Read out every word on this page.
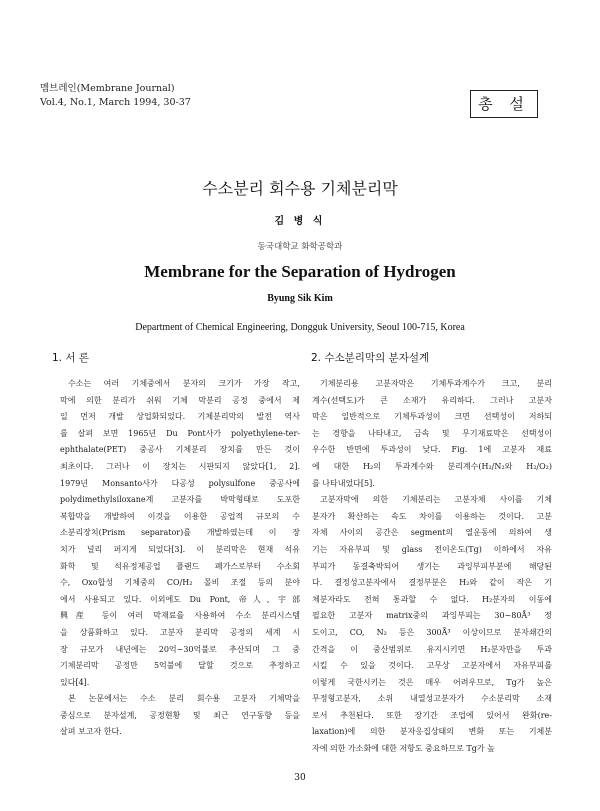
멤브레인(Membrane Journal)
Vol.4, No.1, March 1994, 30-37	총 설
수소분리 회수용 기체분리막
김 병 식
동국대학교 화학공학과
Membrane for the Separation of Hydrogen
Byung Sik Kim
Department of Chemical Engineering, Dongguk University, Seoul 100-715, Korea
1. 서 론
수소는 여러 기체중에서 분자의 크기가 가장 작고,
막에 의한 분리가 쉬워 기체 막분리 공정 중에서 제
일 먼저 개발 상업화되었다. 기체분리막의 발전 역사
를 살펴 보면 1965년 Du Pont사가 polyethylene-ter-
ephthalate(PET) 중공사 기체분리 장치를 만든 것이
최초이다. 그러나 이 장치는 시판되지 않았다[1, 2].
1979년 Monsanto사가 다공성 polysulfone 중공사에
polydimethylsiloxane계 고분자를 박막형태로 도포한
복합막을 개발하여 이것을 이용한 공업적 규모의 수
소분리장치(Prism separator)를 개발하였는데 이 장
치가 널리 퍼지게 되었다[3]. 이 분리막은 현재 석유
화학 및 석유정제공업 플랜드 폐가스로부터 수소회
수, Oxo합성 기체중의 CO/H₂ 몰비 조절 등의 분야
에서 사용되고 있다. 이외에도 Du Pont, 帝人, 宇部
興産 등이 여러 막재료를 사용하여 수소 분리시스템
을 상품화하고 있다. 고분자 분리막 공정의 세계 시
장 규모가 내년에는 20억~30억불로 추산되며 그 중
기체분리막 공정만 5억불에 달할 것으로 추정하고
있다[4].
본 논문에서는 수소 분리 회수용 고분자 기체막을
중심으로 분자설계, 공정현황 및 최근 연구동향 등을
살펴 보고자 한다.
2. 수소분리막의 분자설계
기체분리용 고분자막은 기체투과계수가 크고, 분리
계수(선택도)가 큰 소재가 유리하다. 그러나 고분자
막은 일반적으로 기체투과성이 크면 선택성이 저하되
는 경향을 나타내고, 금속 및 무기재료막은 선택성이
우수한 반면에 투과성이 낮다. Fig. 1에 고분자 재료
에 대한 H₂의 투과계수와 분리계수(H₂/N₂와 H₂/O₂)
를 나타내었다[5].
고분자막에 의한 기체분리는 고분자체 사이를 기체
분자가 확산하는 속도 차이를 이용하는 것이다. 고분
자체 사이의 공간은 segment의 열운동에 의하여 생
기는 자유부피 및 glass 전이온도(Tg) 이하에서 자유
부피가 동결축박되어 생기는 과잉부피부분에 해당된
다. 결정성고분자에서 결정부분은 H₂와 같이 작은 기
체분자라도 전혀 통과할 수 없다. H₂분자의 이동에
필요한 고분자 matrix중의 과잉부피는 30~80Å³ 정
도이고, CO, N₂ 등은 300Å³ 이상이므로 분자쇄간의
간격을 이 중산범위로 유지시키면 H₂분자만을 투과
시킬 수 있을 것이다. 고무상 고분자에서 자유부피를
이렇게 국한시키는 것은 매우 어려우므로, Tg가 높은
무정형고분자, 소위 내열성고분자가 수소분리막 소재
로서 추천된다. 또한 장기간 조업에 있어서 완화(re-
laxation)에 의한 분자응집상태의 변화 또는 기체분
자에 의한 가소화에 대한 저항도 중요하므로 Tg가 높
30
